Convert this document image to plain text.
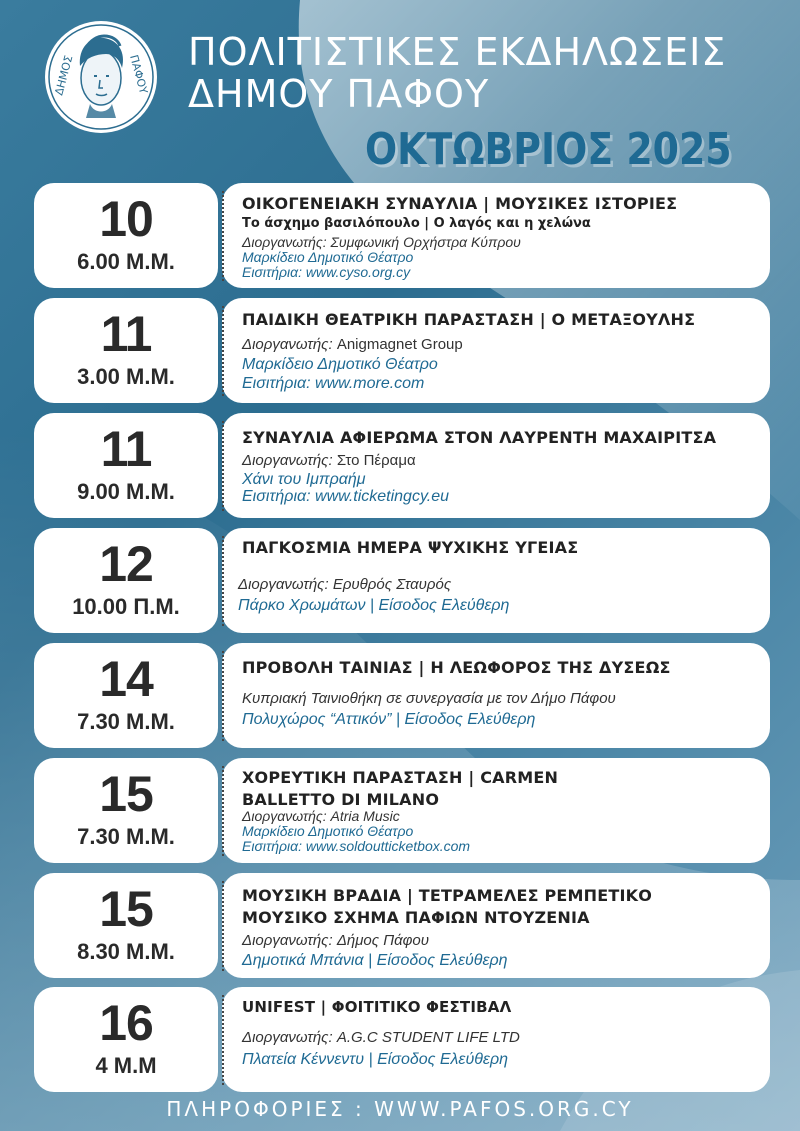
ΔΗΜΟΣ	ΠΑΦΟΥ
ΠΟΛΙΤΙΣΤΙΚΕΣ ΕΚΔΗΛΩΣΕΙΣ
ΔΗΜΟΥ ΠΑΦΟΥ
ΟΚΤΩΒΡΙΟΣ 2025
10
6.00 Μ.Μ.
ΟΙΚΟΓΕΝΕΙΑΚΗ ΣΥΝΑΥΛΙΑ | ΜΟΥΣΙΚΕΣ ΙΣΤΟΡΙΕΣ
Το άσχημο βασιλόπουλο | Ο λαγός και η χελώνα
Διοργανωτής: Συμφωνική Ορχήστρα Κύπρου
Μαρκίδειο Δημοτικό Θέατρο
Εισιτήρια: www.cyso.org.cy
11
3.00 Μ.Μ.
ΠΑΙΔΙΚΗ ΘΕΑΤΡΙΚΗ ΠΑΡΑΣΤΑΣΗ | Ο ΜΕΤΑΞΟΥΛΗΣ
Διοργανωτής: Anigmagnet Group
Μαρκίδειο Δημοτικό Θέατρο
Εισιτήρια: www.more.com
11
9.00 Μ.Μ.
ΣΥΝΑΥΛΙΑ ΑΦΙΕΡΩΜΑ ΣΤΟΝ ΛΑΥΡΕΝΤΗ ΜΑΧΑΙΡΙΤΣΑ
Διοργανωτής: Στο Πέραμα
Χάνι του Ιμπραήμ
Εισιτήρια: www.ticketingcy.eu
12
10.00 Π.Μ.
ΠΑΓΚΟΣΜΙΑ ΗΜΕΡΑ ΨΥΧΙΚΗΣ ΥΓΕΙΑΣ
Διοργανωτής: Ερυθρός Σταυρός
Πάρκο Χρωμάτων | Είσοδος Ελεύθερη
14
7.30 Μ.Μ.
ΠΡΟΒΟΛΗ ΤΑΙΝΙΑΣ | Η ΛΕΩΦΟΡΟΣ ΤΗΣ ΔΥΣΕΩΣ
Κυπριακή Ταινιοθήκη σε συνεργασία με τον Δήμο Πάφου
Πολυχώρος “Αττικόν” | Είσοδος Ελεύθερη
15
7.30 Μ.Μ.
ΧΟΡΕΥΤΙΚΗ ΠΑΡΑΣΤΑΣΗ | CARMEN
BALLETTO DI MILANO
Διοργανωτής: Atria Music
Μαρκίδειο Δημοτικό Θέατρο
Εισιτήρια: www.soldoutticketbox.com
15
8.30 Μ.Μ.
ΜΟΥΣΙΚΗ ΒΡΑΔΙΑ | ΤΕΤΡΑΜΕΛΕΣ ΡΕΜΠΕΤΙΚΟ
ΜΟΥΣΙΚΟ ΣΧΗΜΑ ΠΑΦΙΩΝ ΝΤΟΥΖΕΝΙΑ
Διοργανωτής: Δήμος Πάφου
Δημοτικά Μπάνια | Είσοδος Ελεύθερη
16
4 Μ.Μ
UNIFEST | ΦΟΙΤΙΤΙΚΟ ΦΕΣΤΙΒΑΛ
Διοργανωτής: A.G.C STUDENT LIFE LTD
Πλατεία Κέννεντυ | Είσοδος Ελεύθερη
ΠΛΗΡΟΦΟΡΙΕΣ : WWW.PAFOS.ORG.CY
